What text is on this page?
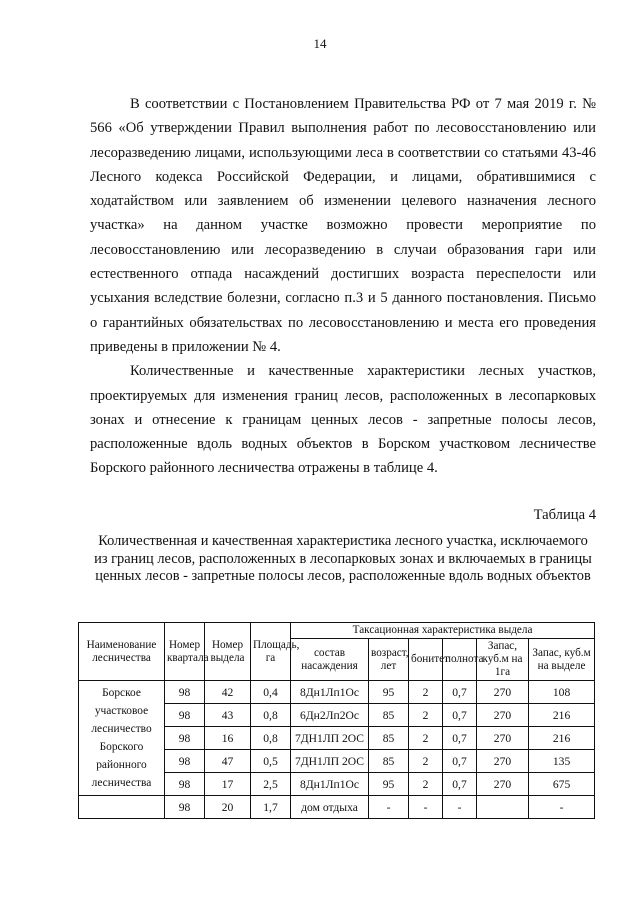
14

В соответствии с Постановлением Правительства РФ от 7 мая 2019 г. № 566 «Об утверждении Правил выполнения работ по лесовосстановлению или лесоразведению лицами, использующими леса в соответствии со статьями 43-46 Лесного кодекса Российской Федерации, и лицами, обратившимися с ходатайством или заявлением об изменении целевого назначения лесного участка» на данном участке возможно провести мероприятие по лесовосстановлению или лесоразведению в случаи образования гари или естественного отпада насаждений достигших возраста переспелости или усыхания вследствие болезни, согласно п.3 и 5 данного постановления. Письмо о гарантийных обязательствах по лесовосстановлению и места его проведения приведены в приложении № 4.

Количественные и качественные характеристики лесных участков, проектируемых для изменения границ лесов, расположенных в лесопарковых зонах и отнесение к границам ценных лесов - запретные полосы лесов, расположенные вдоль водных объектов в Борском участковом лесничестве Борского районного лесничества отражены в таблице 4.

Таблица 4
Количественная и качественная характеристика лесного участка, исключаемого из границ лесов, расположенных в лесопарковых зонах и включаемых в границы ценных лесов - запретные полосы лесов, расположенные вдоль водных объектов
Наименование лесничества	Номер квартала	Номер выдела	Площадь, га	Таксационная характеристика выдела					
				состав насаждения	возраст, лет	бонитет	полнота	Запас, куб.м на 1га	Запас, куб.м на выделе
Борское участковое лесничество Борского районного лесничества	98	42	0,4	8Дн1Лп1Ос	95	2	0,7	270	108
	98	43	0,8	6Дн2Лп2Ос	85	2	0,7	270	216
	98	16	0,8	7ДН1ЛП 2ОС	85	2	0,7	270	216
	98	47	0,5	7ДН1ЛП 2ОС	85	2	0,7	270	135
	98	17	2,5	8Дн1Лп1Ос	95	2	0,7	270	675
	98	20	1,7	дом отдыха	-	-	-		-
